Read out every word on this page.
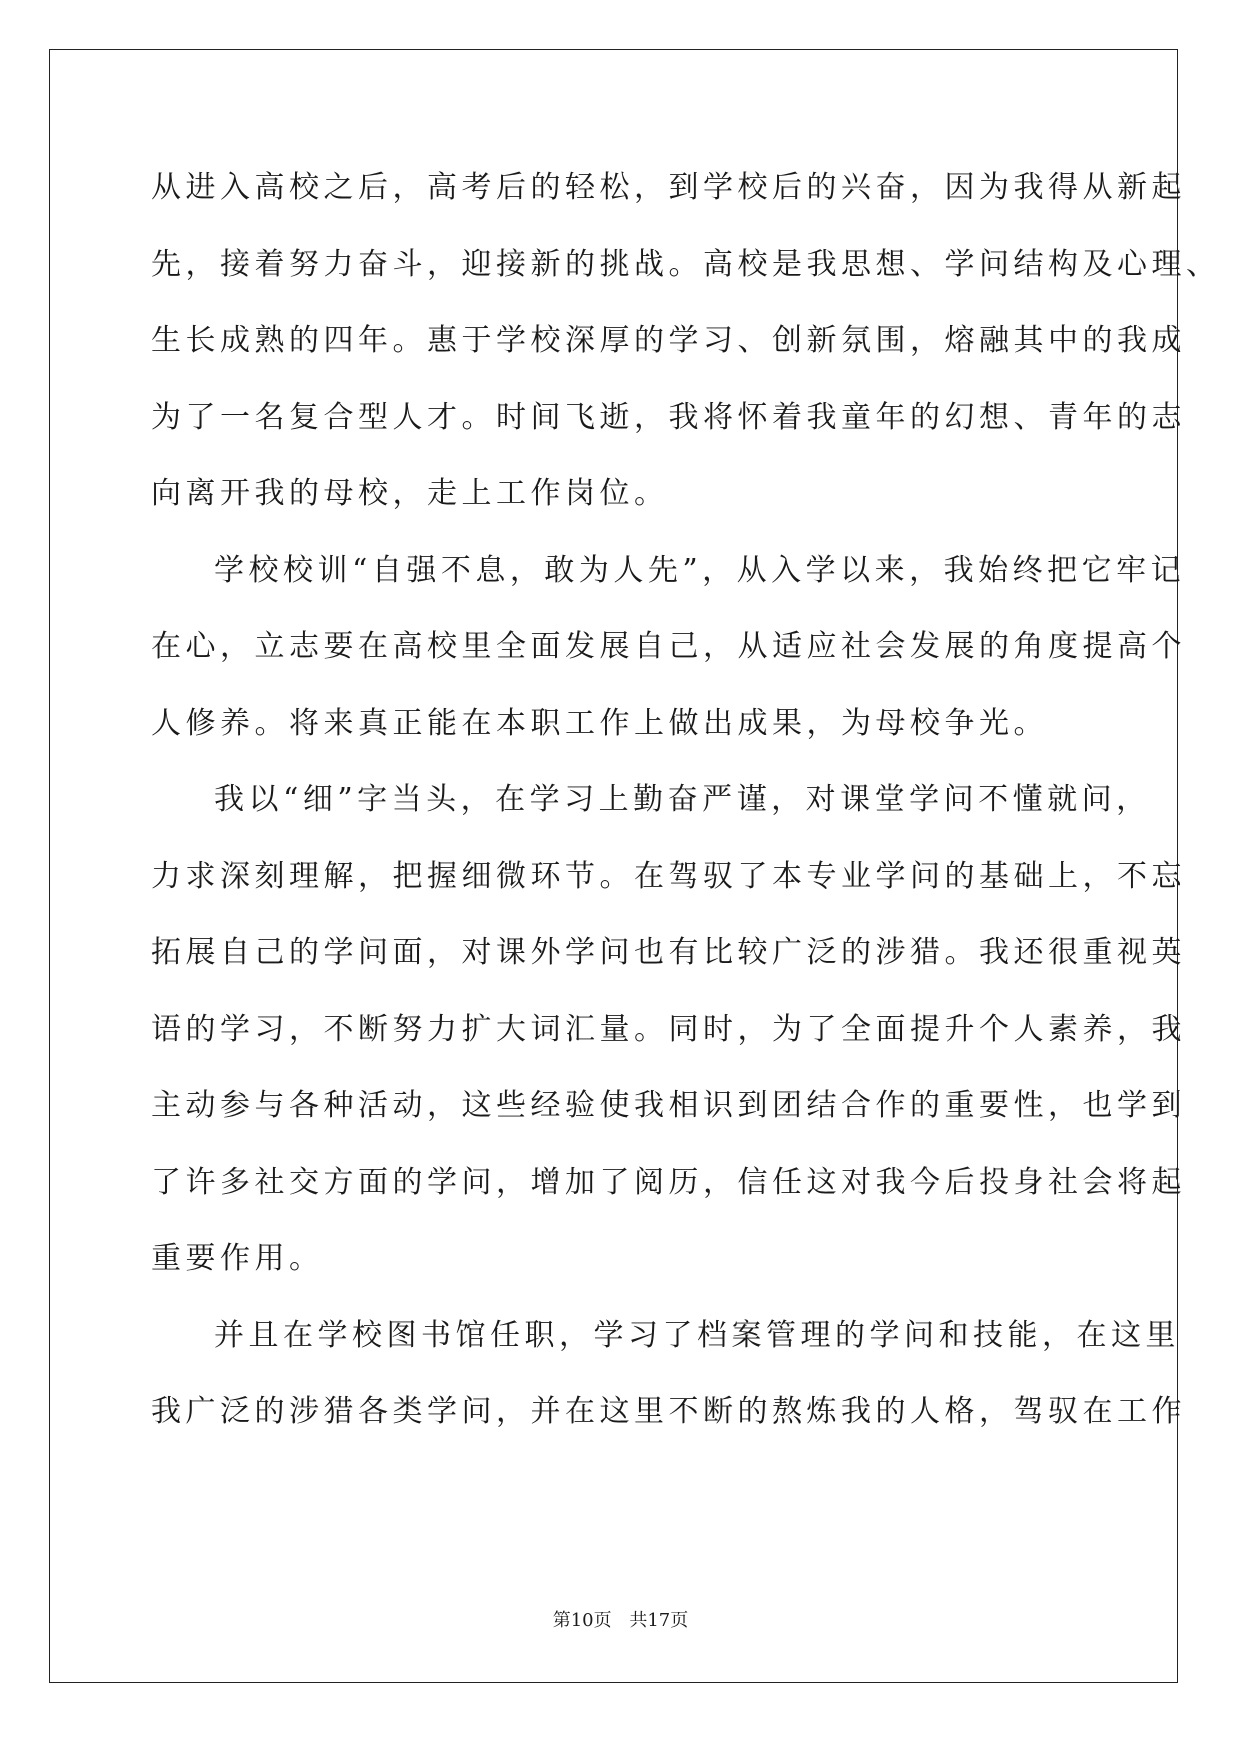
从进入高校之后，高考后的轻松，到学校后的兴奋，因为我得从新起
先，接着努力奋斗，迎接新的挑战。高校是我思想、学问结构及心理、
生长成熟的四年。惠于学校深厚的学习、创新氛围，熔融其中的我成
为了一名复合型人才。时间飞逝，我将怀着我童年的幻想、青年的志
向离开我的母校，走上工作岗位。
学校校训“自强不息，敢为人先”，从入学以来，我始终把它牢记
在心，立志要在高校里全面发展自己，从适应社会发展的角度提高个
人修养。将来真正能在本职工作上做出成果，为母校争光。
我以“细”字当头，在学习上勤奋严谨，对课堂学问不懂就问，
力求深刻理解，把握细微环节。在驾驭了本专业学问的基础上，不忘
拓展自己的学问面，对课外学问也有比较广泛的涉猎。我还很重视英
语的学习，不断努力扩大词汇量。同时，为了全面提升个人素养，我
主动参与各种活动，这些经验使我相识到团结合作的重要性，也学到
了许多社交方面的学问，增加了阅历，信任这对我今后投身社会将起
重要作用。
并且在学校图书馆任职，学习了档案管理的学问和技能，在这里
我广泛的涉猎各类学问，并在这里不断的熬炼我的人格，驾驭在工作
第10页 共17页
